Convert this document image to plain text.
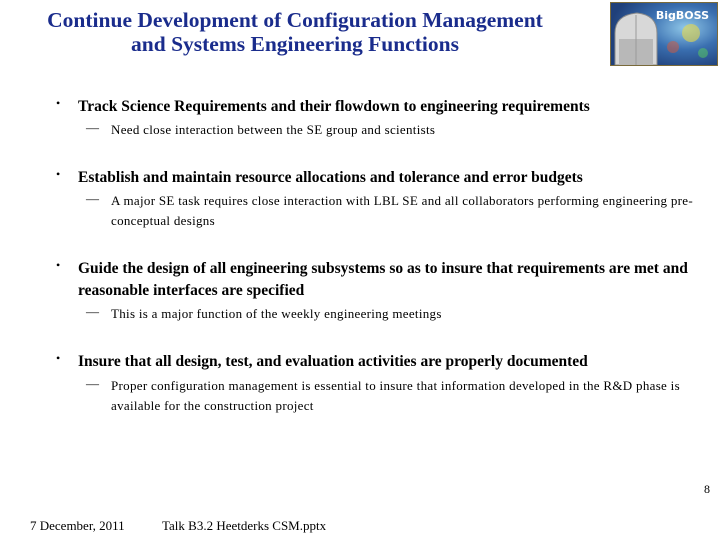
Continue Development of Configuration Management
and Systems Engineering Functions
BigBOSS
• Track Science Requirements and their flowdown to engineering requirements
— Need close interaction between the SE group and scientists
• Establish and maintain resource allocations and tolerance and error budgets
— A major SE task requires close interaction with LBL SE and all collaborators performing engineering pre-conceptual designs
• Guide the design of all engineering subsystems so as to insure that requirements are met and reasonable interfaces are specified
— This is a major function of the weekly engineering meetings
• Insure that all design, test, and evaluation activities are properly documented
— Proper configuration management is essential to insure that information developed in the R&D phase is available for the construction project
7 December, 2011	Talk B3.2 Heetderks CSM.pptx
8
